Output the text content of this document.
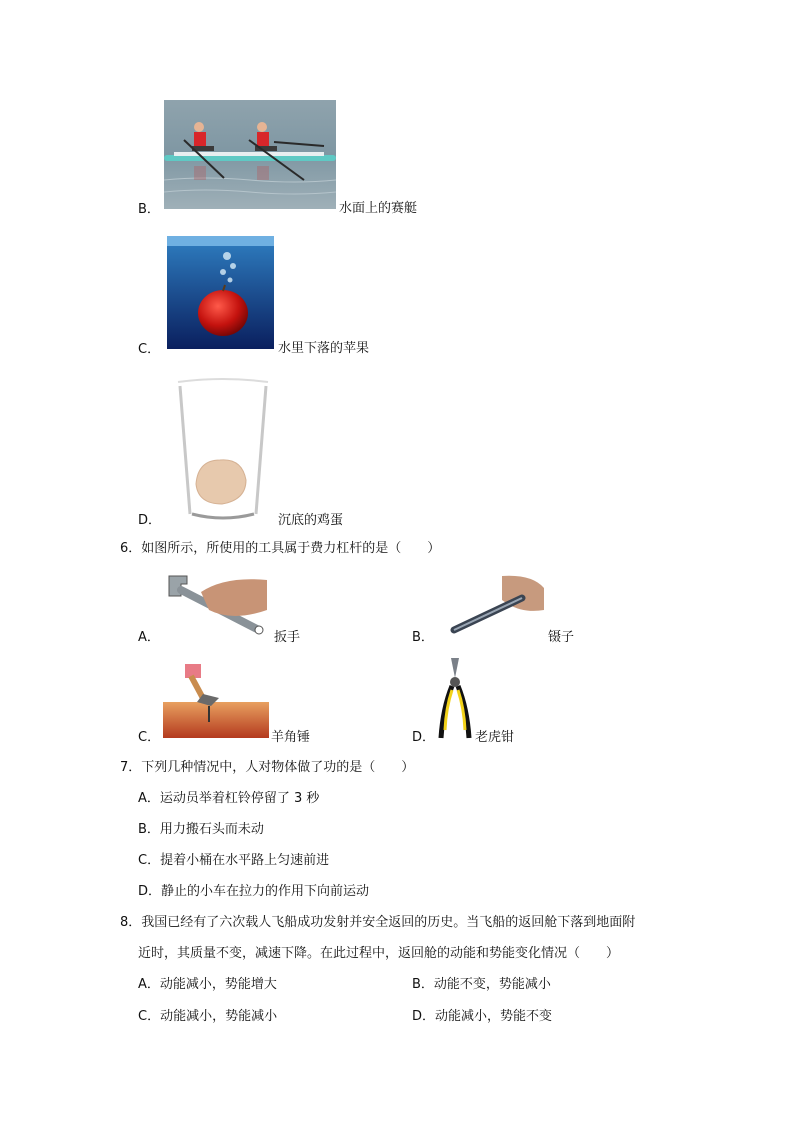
B．	水面上的赛艇
C．	水里下落的苹果
D．	沉底的鸡蛋
6．如图所示，所使用的工具属于费力杠杆的是（　　）
A．	扳手	B．	镊子
C．	羊角锤	D．	老虎钳
7．下列几种情况中，人对物体做了功的是（　　）
A．运动员举着杠铃停留了 3 秒
B．用力搬石头而未动
C．提着小桶在水平路上匀速前进
D．静止的小车在拉力的作用下向前运动
8．我国已经有了六次载人飞船成功发射并安全返回的历史。当飞船的返回舱下落到地面附
近时，其质量不变，减速下降。在此过程中，返回舱的动能和势能变化情况（　　）
A．动能减小，势能增大	B．动能不变，势能减小
C．动能减小，势能减小	D．动能减小，势能不变
